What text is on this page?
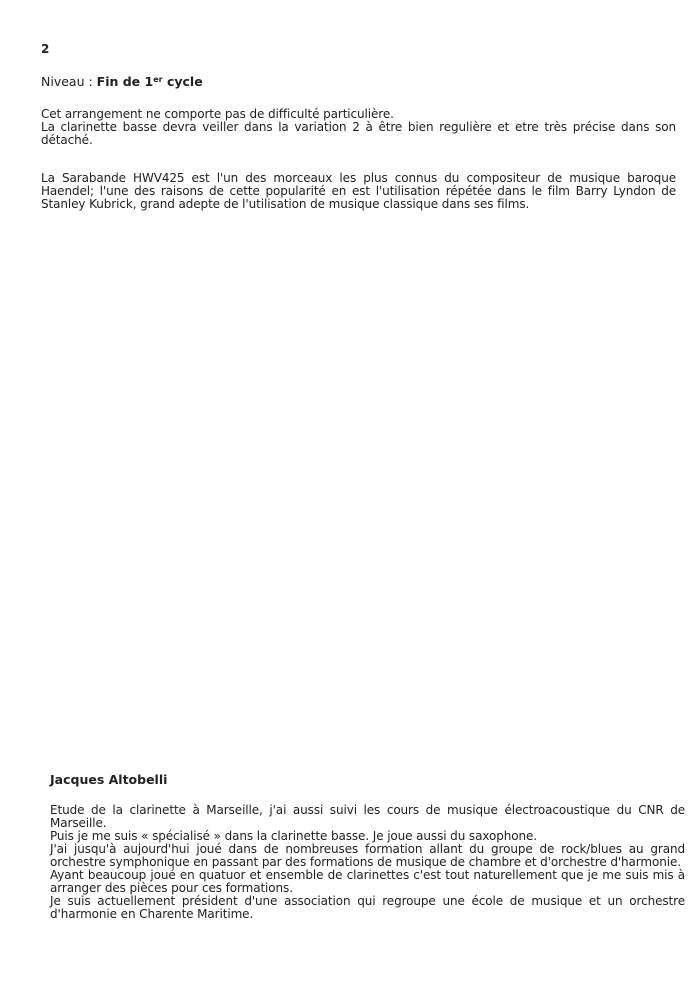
2
Niveau : Fin de 1er cycle

Cet arrangement ne comporte pas de difficulté particulière.

La clarinette basse devra veiller dans la variation 2 à être bien regulière et etre très précise dans son détaché.

La Sarabande HWV425 est l'un des morceaux les plus connus du compositeur de musique baroque Haendel; l'une des raisons de cette popularité en est l'utilisation répétée dans le film Barry Lyndon de Stanley Kubrick, grand adepte de l'utilisation de musique classique dans ses films.

Jacques Altobelli

Etude de la clarinette à Marseille, j'ai aussi suivi les cours de musique électroacoustique du CNR de Marseille.

Puis je me suis « spécialisé » dans la clarinette basse. Je joue aussi du saxophone.

J'ai jusqu'à aujourd'hui joué dans de nombreuses formation allant du groupe de rock/blues au grand orchestre symphonique en passant par des formations de musique de chambre et d'orchestre d'harmonie.

Ayant beaucoup joué en quatuor et ensemble de clarinettes c'est tout naturellement que je me suis mis à arranger des pièces pour ces formations.

Je suis actuellement président d'une association qui regroupe une école de musique et un orchestre d'harmonie en Charente Maritime.
